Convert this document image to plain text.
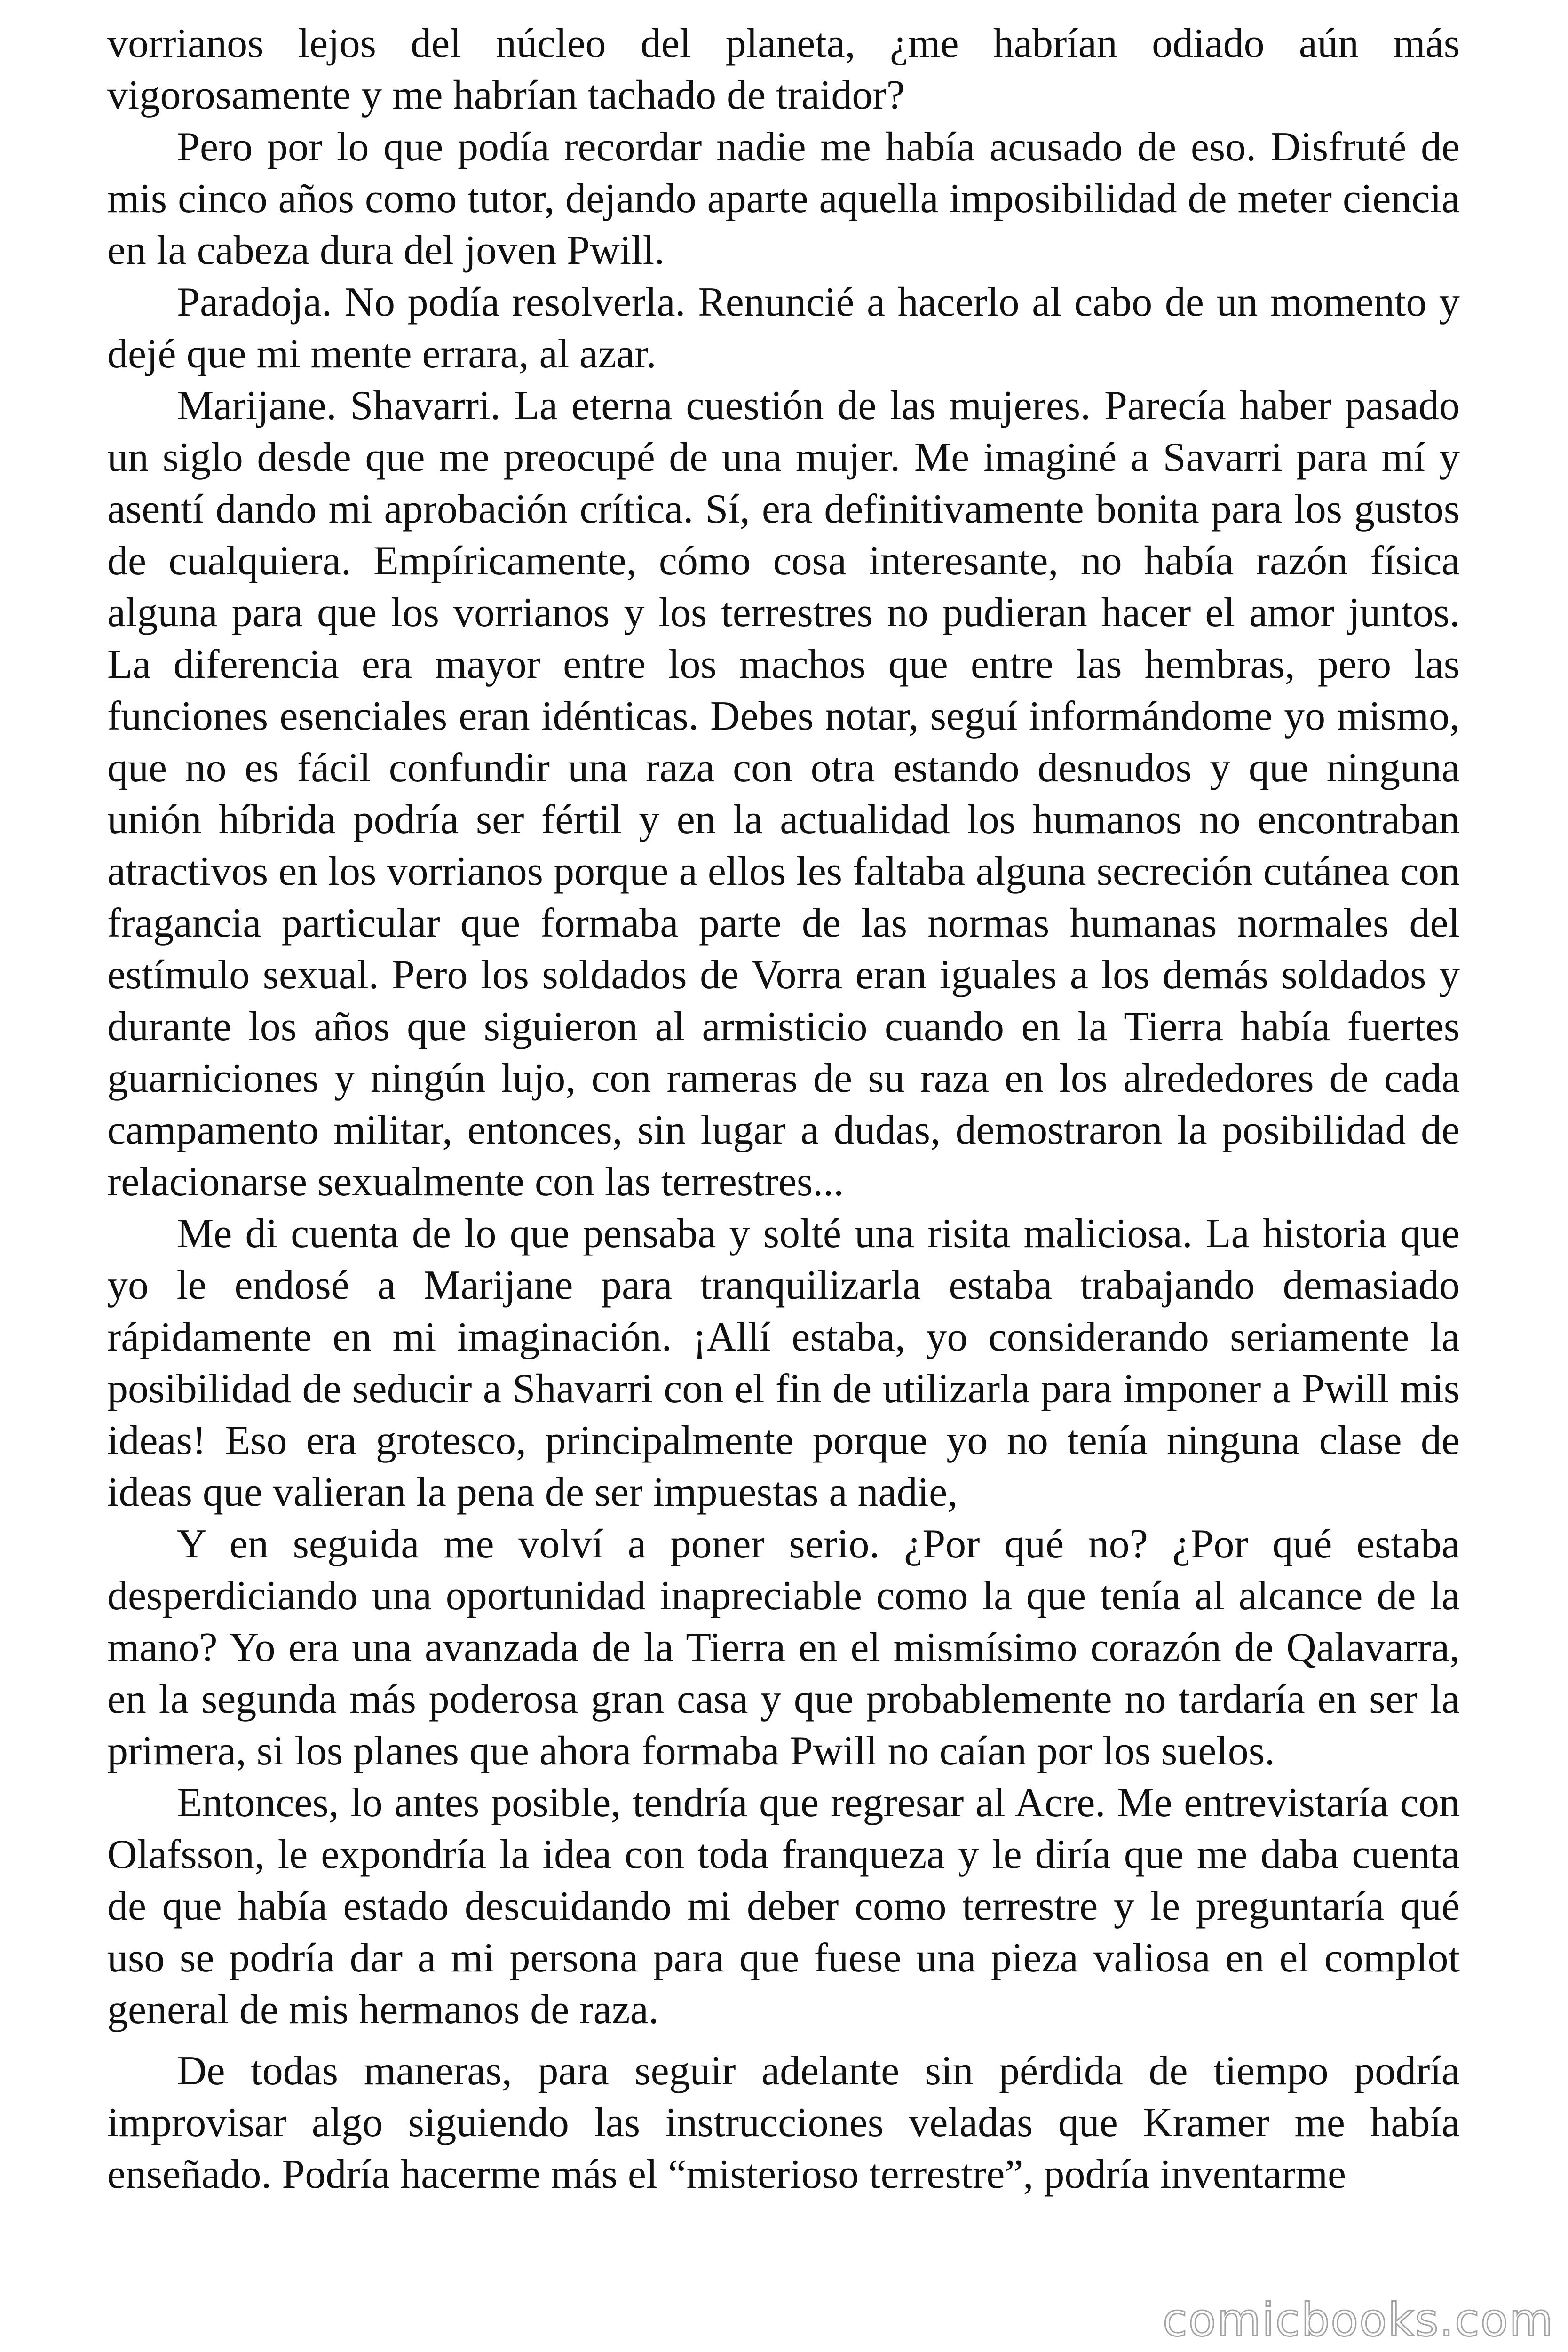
vorrianos lejos del núcleo del planeta, ¿me habrían odiado aún más vigorosamente y me habrían tachado de traidor?

Pero por lo que podía recordar nadie me había acusado de eso. Disfruté de mis cinco años como tutor, dejando aparte aquella imposibilidad de meter ciencia en la cabeza dura del joven Pwill.

Paradoja. No podía resolverla. Renuncié a hacerlo al cabo de un momento y dejé que mi mente errara, al azar.

Marijane. Shavarri. La eterna cuestión de las mujeres. Parecía haber pasado un siglo desde que me preocupé de una mujer. Me imaginé a Savarri para mí y asentí dando mi aprobación crítica. Sí, era definitivamente bonita para los gustos de cualquiera. Empíricamente, cómo cosa interesante, no había razón física alguna para que los vorrianos y los terrestres no pudieran hacer el amor juntos. La diferencia era mayor entre los machos que entre las hembras, pero las funciones esenciales eran idénticas. Debes notar, seguí informándome yo mismo, que no es fácil confundir una raza con otra estando desnudos y que ninguna unión híbrida podría ser fértil y en la actualidad los humanos no encontraban atractivos en los vorrianos porque a ellos les faltaba alguna secreción cutánea con fragancia particular que formaba parte de las normas humanas normales del estímulo sexual. Pero los soldados de Vorra eran iguales a los demás soldados y durante los años que siguieron al armisticio cuando en la Tierra había fuertes guarniciones y ningún lujo, con rameras de su raza en los alrededores de cada campamento militar, entonces, sin lugar a dudas, demostraron la posibilidad de relacionarse sexualmente con las terrestres...

Me di cuenta de lo que pensaba y solté una risita maliciosa. La historia que yo le endosé a Marijane para tranquilizarla estaba trabajando demasiado rápidamente en mi imaginación. ¡Allí estaba, yo considerando seriamente la posibilidad de seducir a Shavarri con el fin de utilizarla para imponer a Pwill mis ideas! Eso era grotesco, principalmente porque yo no tenía ninguna clase de ideas que valieran la pena de ser impuestas a nadie,

Y en seguida me volví a poner serio. ¿Por qué no? ¿Por qué estaba desperdiciando una oportunidad inapreciable como la que tenía al alcance de la mano? Yo era una avanzada de la Tierra en el mismísimo corazón de Qalavarra, en la segunda más poderosa gran casa y que probablemente no tardaría en ser la primera, si los planes que ahora formaba Pwill no caían por los suelos.

Entonces, lo antes posible, tendría que regresar al Acre. Me entrevistaría con Olafsson, le expondría la idea con toda franqueza y le diría que me daba cuenta de que había estado descuidando mi deber como terrestre y le preguntaría qué uso se podría dar a mi persona para que fuese una pieza valiosa en el complot general de mis hermanos de raza.

De todas maneras, para seguir adelante sin pérdida de tiempo podría improvisar algo siguiendo las instrucciones veladas que Kramer me había enseñado. Podría hacerme más el “misterioso terrestre”, podría inventarme

comicbooks.com
